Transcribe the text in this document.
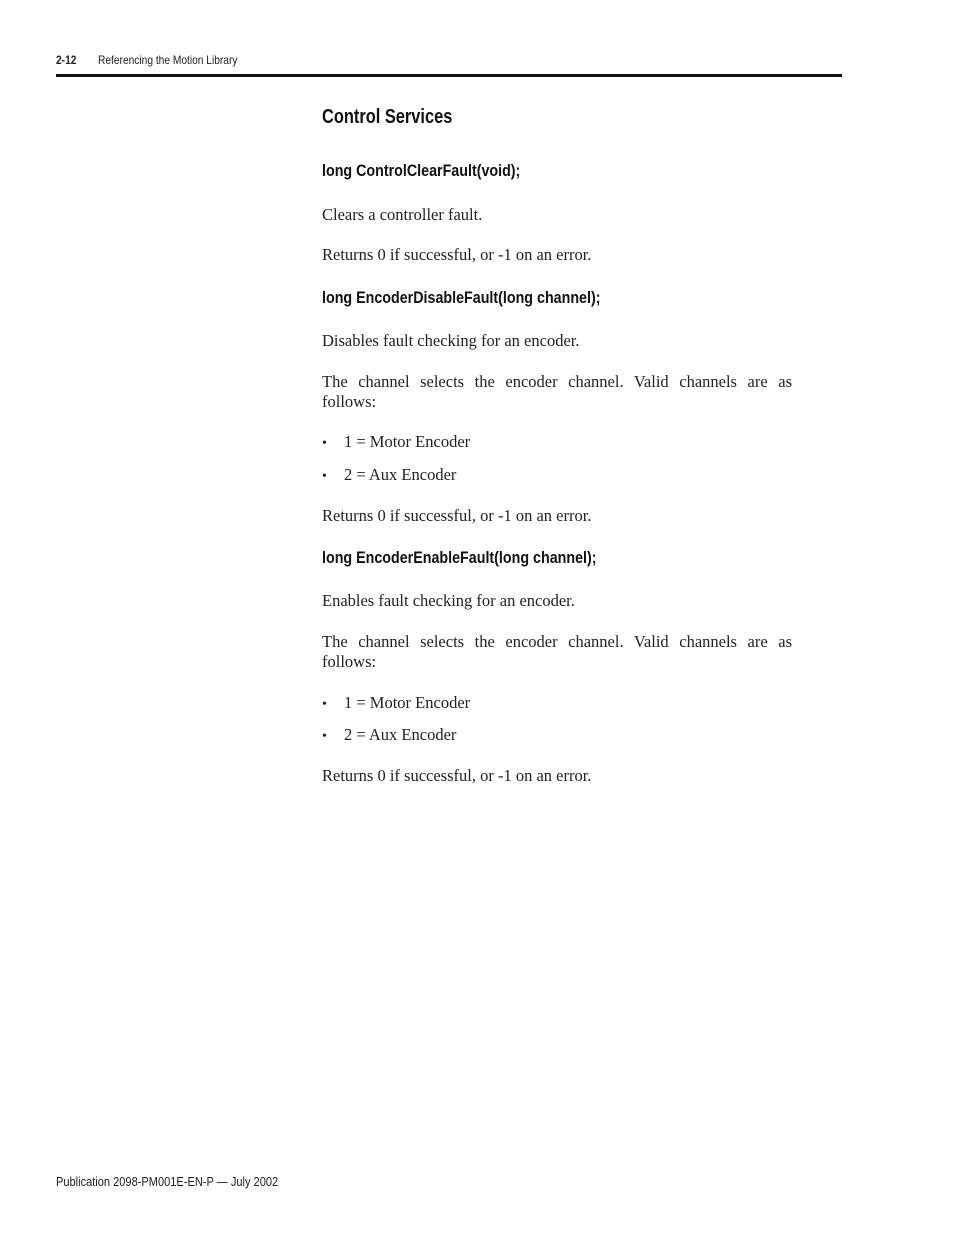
2-12 Referencing the Motion Library
Control Services
long ControlClearFault(void);
Clears a controller fault.
Returns 0 if successful, or -1 on an error.
long EncoderDisableFault(long channel);
Disables fault checking for an encoder.
The channel selects the encoder channel. Valid channels are as follows:
• 1 = Motor Encoder
• 2 = Aux Encoder
Returns 0 if successful, or -1 on an error.
long EncoderEnableFault(long channel);
Enables fault checking for an encoder.
The channel selects the encoder channel. Valid channels are as follows:
• 1 = Motor Encoder
• 2 = Aux Encoder
Returns 0 if successful, or -1 on an error.
Publication 2098-PM001E-EN-P — July 2002
